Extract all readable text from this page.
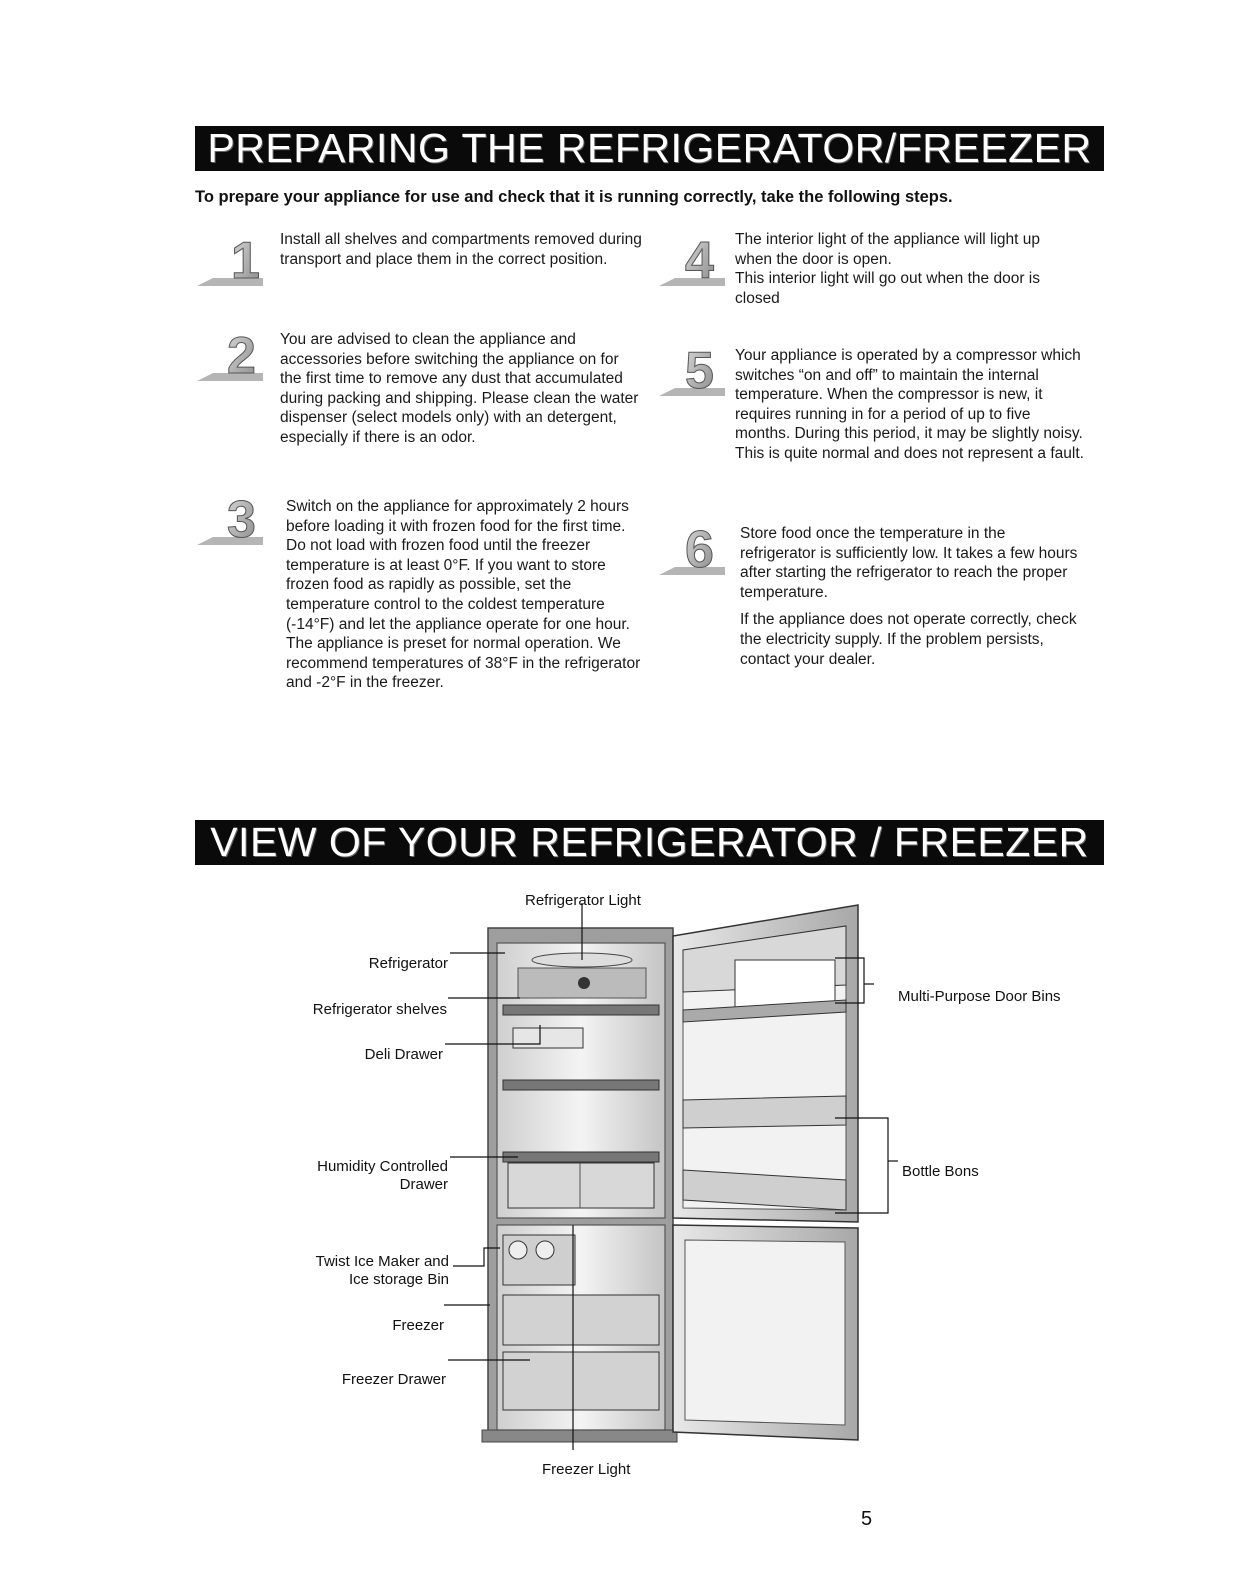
PREPARING THE REFRIGERATOR/FREEZER
To prepare your appliance for use and check that it is running correctly, take the following steps.
1 Install all shelves and compartments removed during transport and place them in the correct position.
2 You are advised to clean the appliance and accessories before switching the appliance on for the first time to remove any dust that accumulated during packing and shipping. Please clean the water dispenser (select models only) with an detergent, especially if there is an odor.
3 Switch on the appliance for approximately 2 hours before loading it with frozen food for the first time. Do not load with frozen food until the freezer temperature is at least 0°F. If you want to store frozen food as rapidly as possible, set the temperature control to the coldest temperature (-14°F) and let the appliance operate for one hour. The appliance is preset for normal operation. We recommend temperatures of 38°F in the refrigerator and -2°F in the freezer.
4 The interior light of the appliance will light up when the door is open.
This interior light will go out when the door is closed
5 Your appliance is operated by a compressor which switches “on and off” to maintain the internal temperature. When the compressor is new, it requires running in for a period of up to five months. During this period, it may be slightly noisy. This is quite normal and does not represent a fault.
6 Store food once the temperature in the refrigerator is sufficiently low. It takes a few hours after starting the refrigerator to reach the proper temperature.
If the appliance does not operate correctly, check the electricity supply. If the problem persists, contact your dealer.
VIEW OF YOUR REFRIGERATOR / FREEZER
Refrigerator Light
Refrigerator
Refrigerator shelves
Deli Drawer
Humidity Controlled
Drawer
Twist Ice Maker and
Ice storage Bin
Freezer
Freezer Drawer
Freezer Light
Multi-Purpose Door Bins
Bottle Bons
5
